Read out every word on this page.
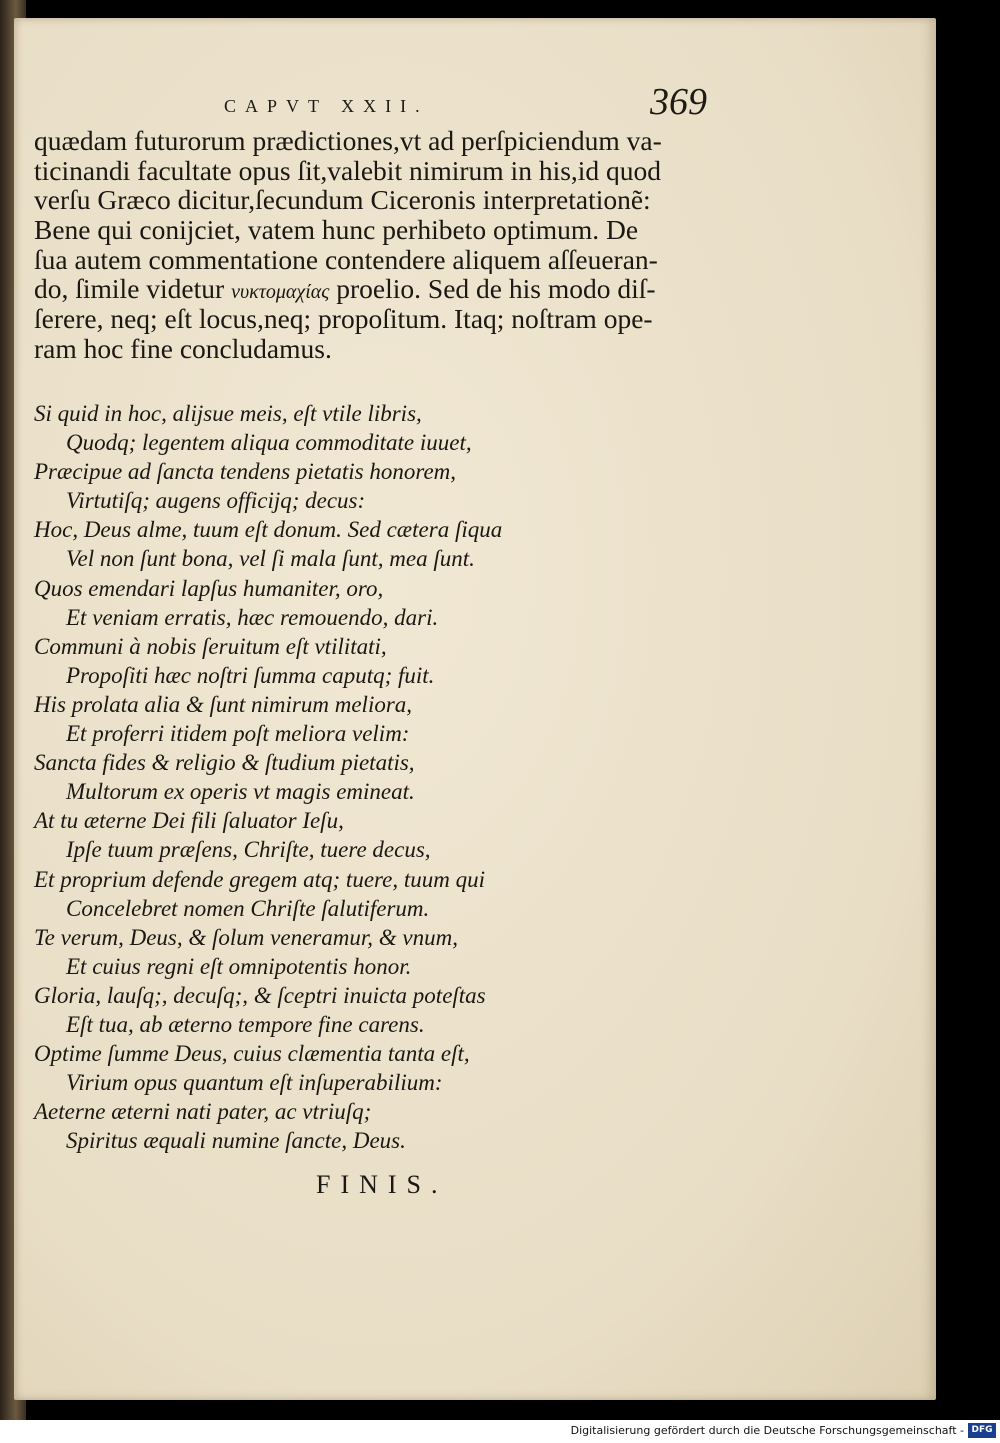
CAPVT XXII.	369
quædam futurorum prædictiones,vt ad perſpiciendum va-
ticinandi facultate opus ſit,valebit nimirum in his,id quod
verſu Græco dicitur,ſecundum Ciceronis interpretationẽ:
Bene qui conijciet, vatem hunc perhibeto optimum. De
ſua autem commentatione contendere aliquem aſſeueran-
do, ſimile videtur νυκτομαχίας proelio. Sed de his modo diſ-
ſerere, neq; eſt locus,neq; propoſitum. Itaq; noſtram ope-
ram hoc fine concludamus.
Si quid in hoc, alijsue meis, eſt vtile libris,
Quodq; legentem aliqua commoditate iuuet,
Præcipue ad ſancta tendens pietatis honorem,
Virtutiſq; augens officijq; decus:
Hoc, Deus alme, tuum eſt donum. Sed cætera ſiqua
Vel non ſunt bona, vel ſi mala ſunt, mea ſunt.
Quos emendari lapſus humaniter, oro,
Et veniam erratis, hæc remouendo, dari.
Communi à nobis ſeruitum eſt vtilitati,
Propoſiti hæc noſtri ſumma caputq; fuit.
His prolata alia & ſunt nimirum meliora,
Et proferri itidem poſt meliora velim:
Sancta fides & religio & ſtudium pietatis,
Multorum ex operis vt magis emineat.
At tu æterne Dei fili ſaluator Ieſu,
Ipſe tuum præſens, Chriſte, tuere decus,
Et proprium defende gregem atq; tuere, tuum qui
Concelebret nomen Chriſte ſalutiferum.
Te verum, Deus, & ſolum veneramur, & vnum,
Et cuius regni eſt omnipotentis honor.
Gloria, lauſq;, decuſq;, & ſceptri inuicta poteſtas
Eſt tua, ab æterno tempore fine carens.
Optime ſumme Deus, cuius clæmentia tanta eſt,
Virium opus quantum eſt inſuperabilium:
Aeterne æterni nati pater, ac vtriuſq;
Spiritus æquali numine ſancte, Deus.
FINIS.
Digitalisierung gefördert durch die Deutsche Forschungsgemeinschaft - DFG
